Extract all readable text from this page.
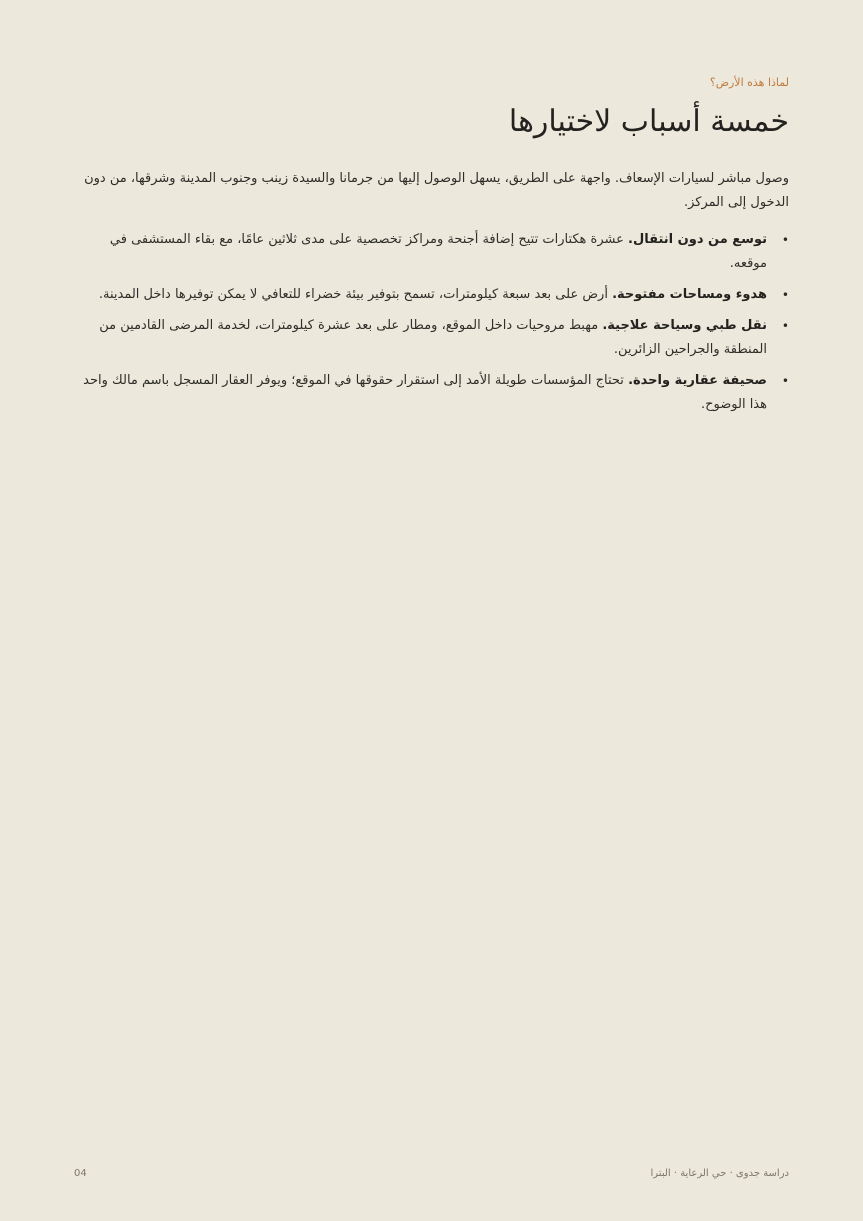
لماذا هذه الأرض؟
خمسة أسباب لاختيارها

وصول مباشر لسيارات الإسعاف. واجهة على الطريق، يسهل الوصول إليها من جرمانا والسيدة زينب وجنوب المدينة وشرقها، من دون الدخول إلى المركز.

•
توسع من دون انتقال. عشرة هكتارات تتيح إضافة أجنحة ومراكز تخصصية على مدى ثلاثين عامًا، مع بقاء المستشفى في موقعه.
•
هدوء ومساحات مفتوحة. أرض على بعد سبعة كيلومترات، تسمح بتوفير بيئة خضراء للتعافي لا يمكن توفيرها داخل المدينة.
•
نقل طبي وسياحة علاجية. مهبط مروحيات داخل الموقع، ومطار على بعد عشرة كيلومترات، لخدمة المرضى القادمين من المنطقة والجراحين الزائرين.
•
صحيفة عقارية واحدة. تحتاج المؤسسات طويلة الأمد إلى استقرار حقوقها في الموقع؛ ويوفر العقار المسجل باسم مالك واحد هذا الوضوح.
04	دراسة جدوى · حي الرعاية · البترا
